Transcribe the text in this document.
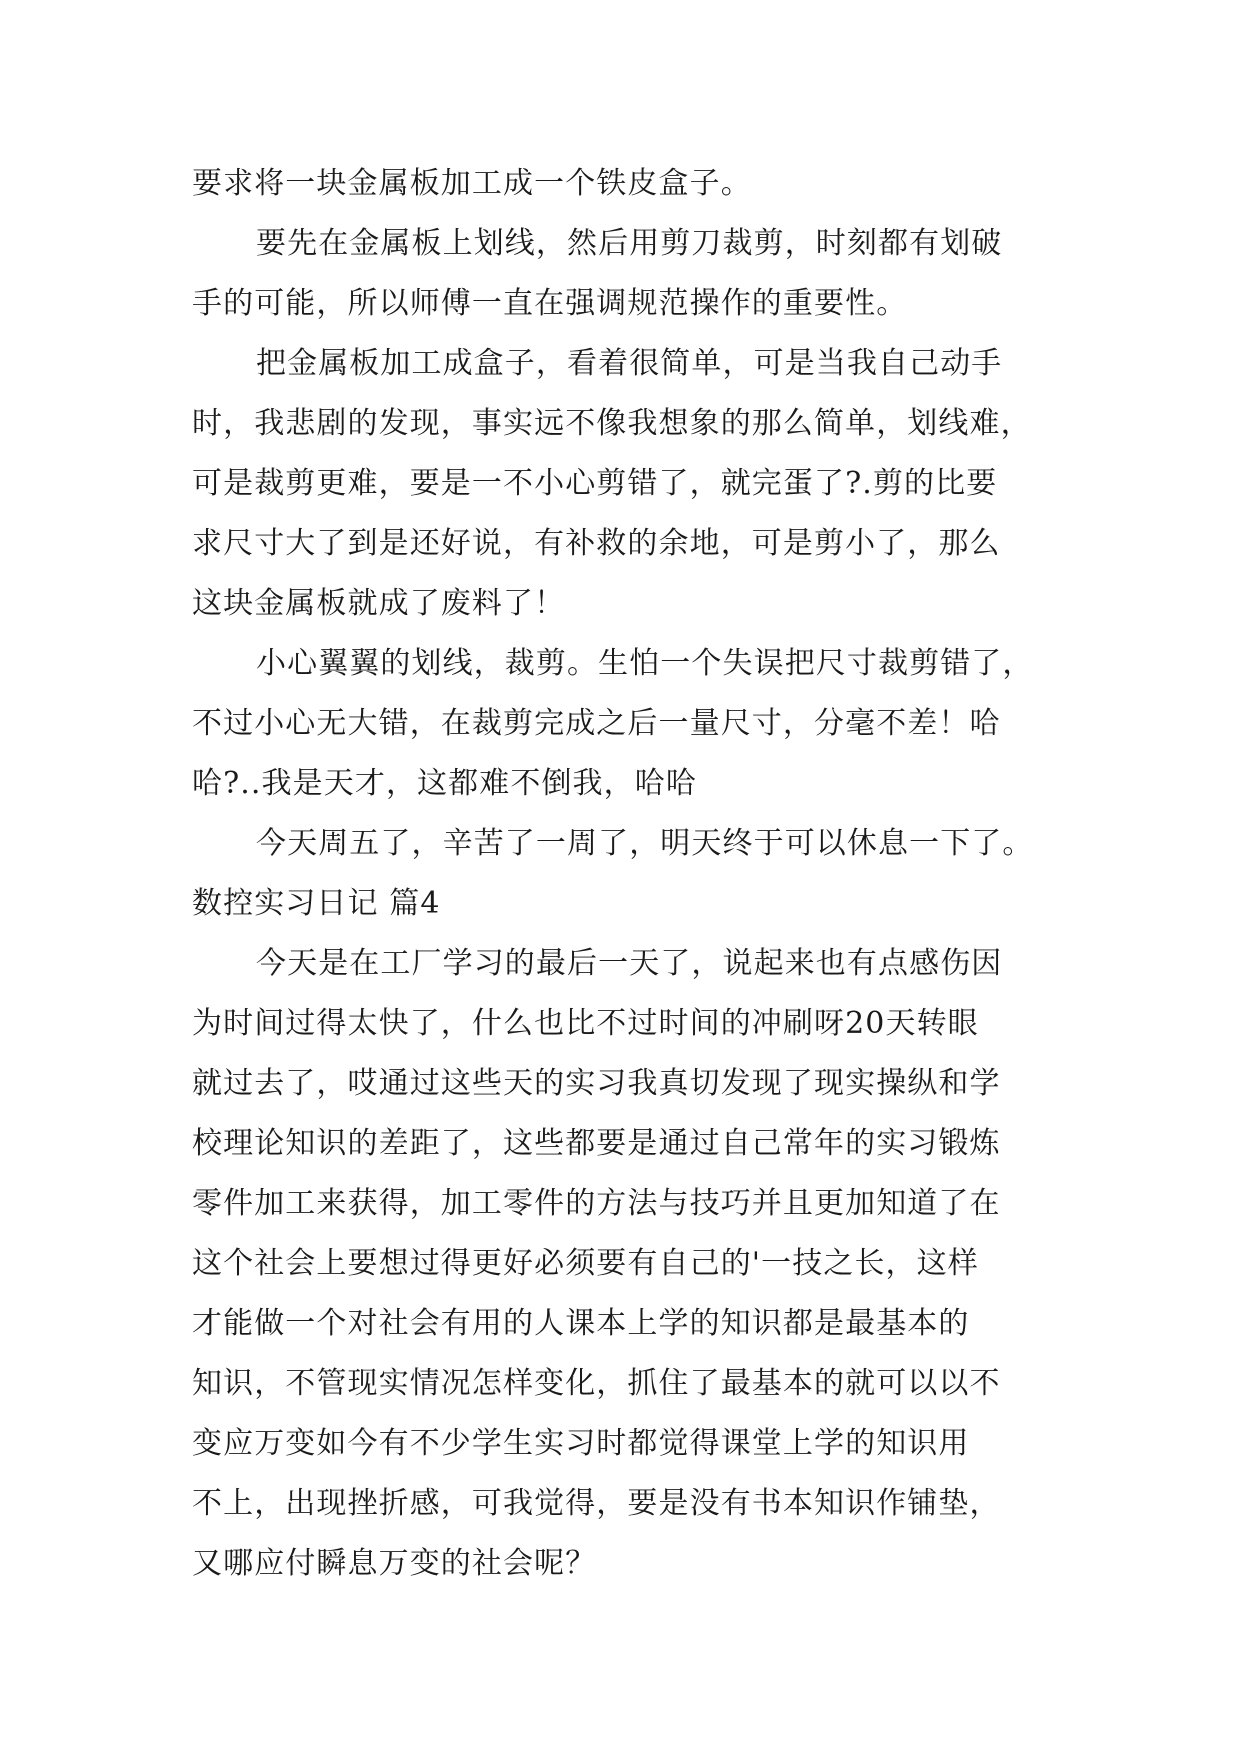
要求将一块金属板加工成一个铁皮盒子。
要先在金属板上划线，然后用剪刀裁剪，时刻都有划破
手的可能，所以师傅一直在强调规范操作的重要性。
把金属板加工成盒子，看着很简单，可是当我自己动手
时，我悲剧的发现，事实远不像我想象的那么简单，划线难，
可是裁剪更难，要是一不小心剪错了，就完蛋了?.剪的比要
求尺寸大了到是还好说，有补救的余地，可是剪小了，那么
这块金属板就成了废料了！
小心翼翼的划线，裁剪。生怕一个失误把尺寸裁剪错了，
不过小心无大错，在裁剪完成之后一量尺寸，分毫不差！哈
哈?..我是天才，这都难不倒我，哈哈
今天周五了，辛苦了一周了，明天终于可以休息一下了。
数控实习日记 篇4
今天是在工厂学习的最后一天了，说起来也有点感伤因
为时间过得太快了，什么也比不过时间的冲刷呀20天转眼
就过去了，哎通过这些天的实习我真切发现了现实操纵和学
校理论知识的差距了，这些都要是通过自己常年的实习锻炼
零件加工来获得，加工零件的方法与技巧并且更加知道了在
这个社会上要想过得更好必须要有自己的'一技之长，这样
才能做一个对社会有用的人课本上学的知识都是最基本的
知识，不管现实情况怎样变化，抓住了最基本的就可以以不
变应万变如今有不少学生实习时都觉得课堂上学的知识用
不上，出现挫折感，可我觉得，要是没有书本知识作铺垫，
又哪应付瞬息万变的社会呢？
